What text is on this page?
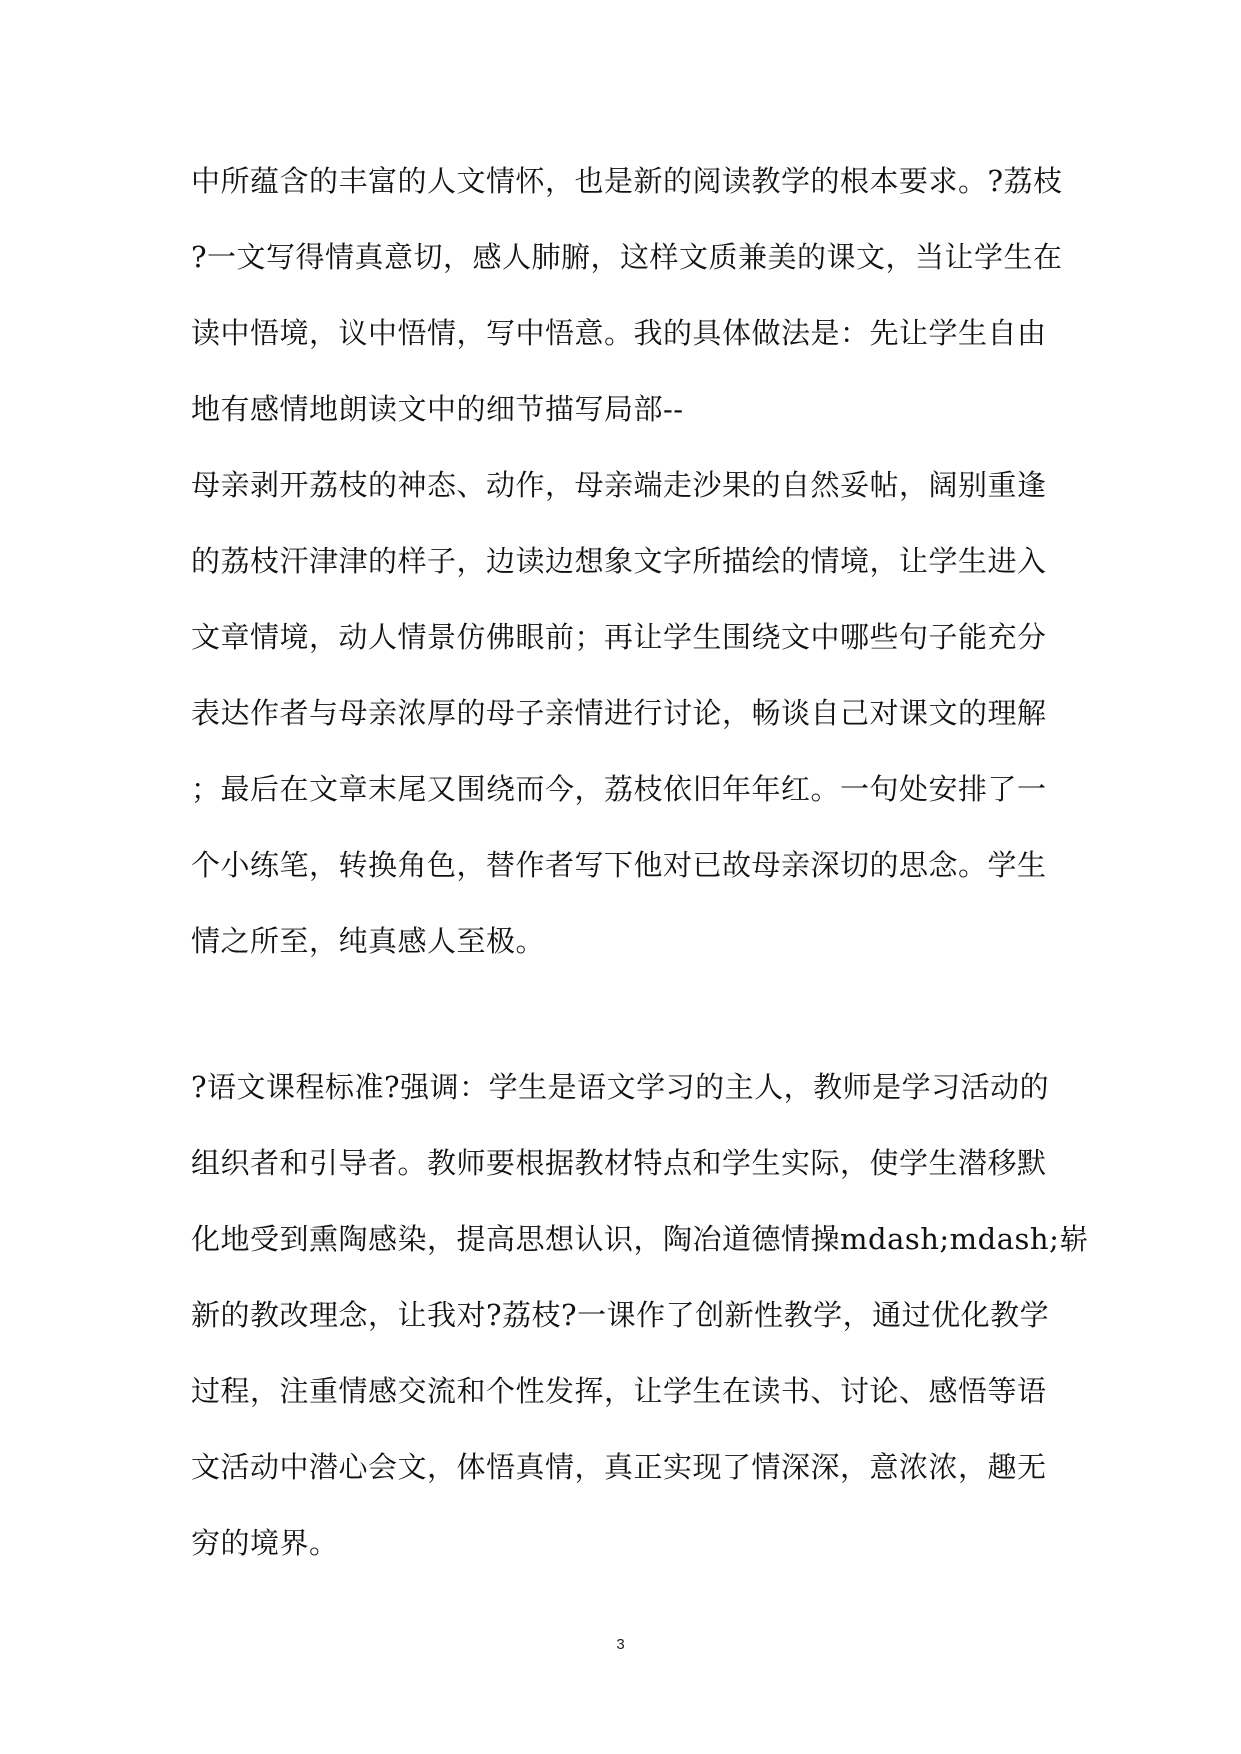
中所蕴含的丰富的人文情怀，也是新的阅读教学的根本要求。?荔枝
?一文写得情真意切，感人肺腑，这样文质兼美的课文，当让学生在
读中悟境，议中悟情，写中悟意。我的具体做法是：先让学生自由
地有感情地朗读文中的细节描写局部--
母亲剥开荔枝的神态、动作，母亲端走沙果的自然妥帖，阔别重逢
的荔枝汗津津的样子，边读边想象文字所描绘的情境，让学生进入
文章情境，动人情景仿佛眼前；再让学生围绕文中哪些句子能充分
表达作者与母亲浓厚的母子亲情进行讨论，畅谈自己对课文的理解
；最后在文章末尾又围绕而今，荔枝依旧年年红。一句处安排了一
个小练笔，转换角色，替作者写下他对已故母亲深切的思念。学生
情之所至，纯真感人至极。
?语文课程标准?强调：学生是语文学习的主人，教师是学习活动的
组织者和引导者。教师要根据教材特点和学生实际，使学生潜移默
化地受到熏陶感染，提高思想认识，陶冶道德情操mdash;mdash;崭
新的教改理念，让我对?荔枝?一课作了创新性教学，通过优化教学
过程，注重情感交流和个性发挥，让学生在读书、讨论、感悟等语
文活动中潜心会文，体悟真情，真正实现了情深深，意浓浓，趣无
穷的境界。
3
